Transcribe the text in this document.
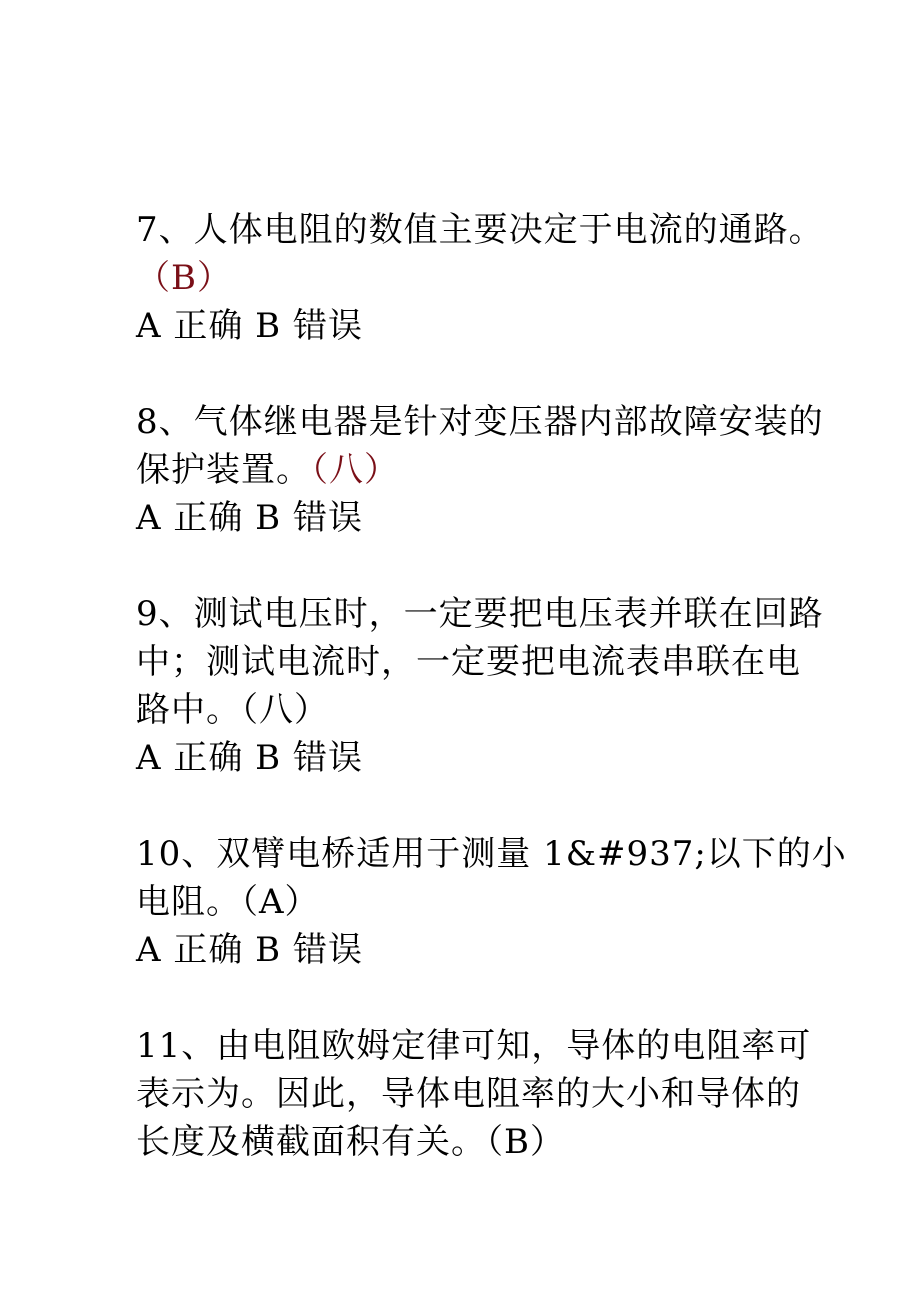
7、人体电阻的数值主要决定于电流的通路。
（B）
A 正确 B 错误
8、气体继电器是针对变压器内部故障安装的
保护装置。（八）
A 正确 B 错误
9、测试电压时，一定要把电压表并联在回路
中；测试电流时，一定要把电流表串联在电
路中。（八）
A 正确 B 错误
10、双臂电桥适用于测量 1&#937;以下的小
电阻。（A）
A 正确 B 错误
11、由电阻欧姆定律可知，导体的电阻率可
表示为。因此，导体电阻率的大小和导体的
长度及横截面积有关。（B）
